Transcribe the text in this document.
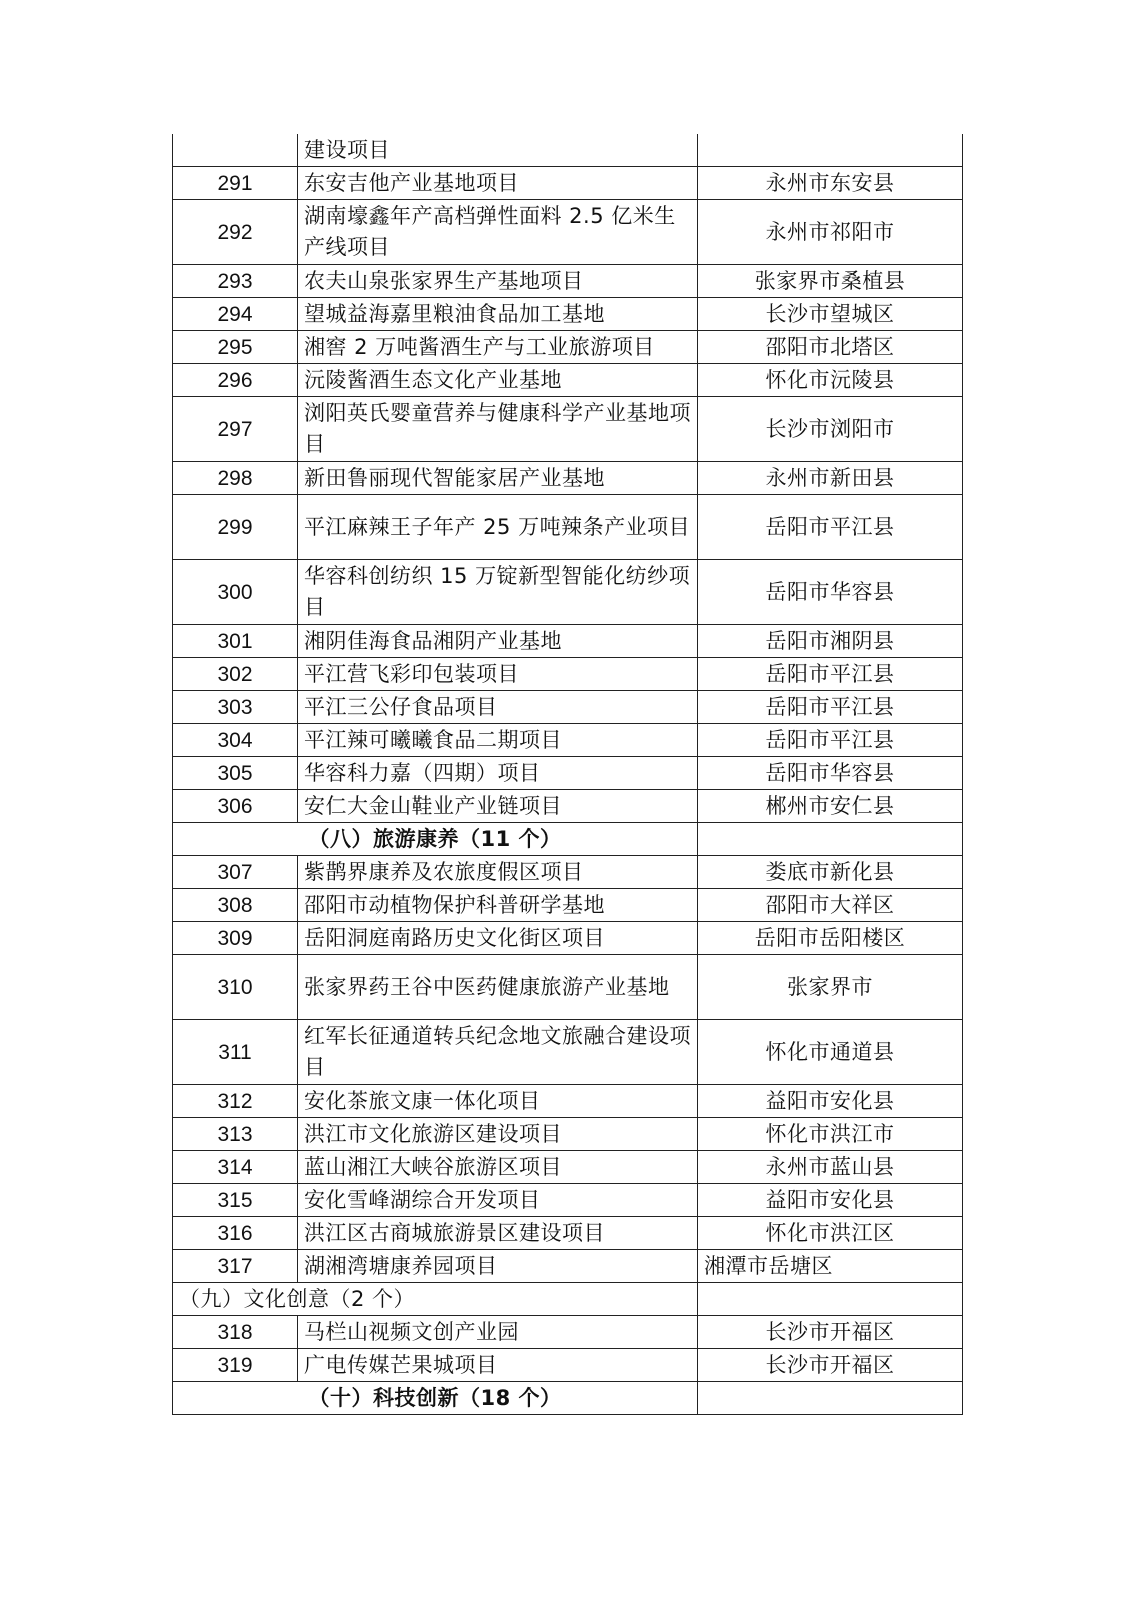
	建设项目	
291	东安吉他产业基地项目	永州市东安县
292	湖南壕鑫年产高档弹性面料 2.5 亿米生产线项目	永州市祁阳市
293	农夫山泉张家界生产基地项目	张家界市桑植县
294	望城益海嘉里粮油食品加工基地	长沙市望城区
295	湘窖 2 万吨酱酒生产与工业旅游项目	邵阳市北塔区
296	沅陵酱酒生态文化产业基地	怀化市沅陵县
297	浏阳英氏婴童营养与健康科学产业基地项目	长沙市浏阳市
298	新田鲁丽现代智能家居产业基地	永州市新田县
299	平江麻辣王子年产 25 万吨辣条产业项目	岳阳市平江县
300	华容科创纺织 15 万锭新型智能化纺纱项目	岳阳市华容县
301	湘阴佳海食品湘阴产业基地	岳阳市湘阴县
302	平江营飞彩印包装项目	岳阳市平江县
303	平江三公仔食品项目	岳阳市平江县
304	平江辣可曦曦食品二期项目	岳阳市平江县
305	华容科力嘉（四期）项目	岳阳市华容县
306	安仁大金山鞋业产业链项目	郴州市安仁县
（八）旅游康养（11 个）		
307	紫鹊界康养及农旅度假区项目	娄底市新化县
308	邵阳市动植物保护科普研学基地	邵阳市大祥区
309	岳阳洞庭南路历史文化街区项目	岳阳市岳阳楼区
310	张家界药王谷中医药健康旅游产业基地	张家界市
311	红军长征通道转兵纪念地文旅融合建设项目	怀化市通道县
312	安化茶旅文康一体化项目	益阳市安化县
313	洪江市文化旅游区建设项目	怀化市洪江市
314	蓝山湘江大峡谷旅游区项目	永州市蓝山县
315	安化雪峰湖综合开发项目	益阳市安化县
316	洪江区古商城旅游景区建设项目	怀化市洪江区
317	湖湘湾塘康养园项目	湘潭市岳塘区
（九）文化创意（2 个）		
318	马栏山视频文创产业园	长沙市开福区
319	广电传媒芒果城项目	长沙市开福区
（十）科技创新（18 个）		
